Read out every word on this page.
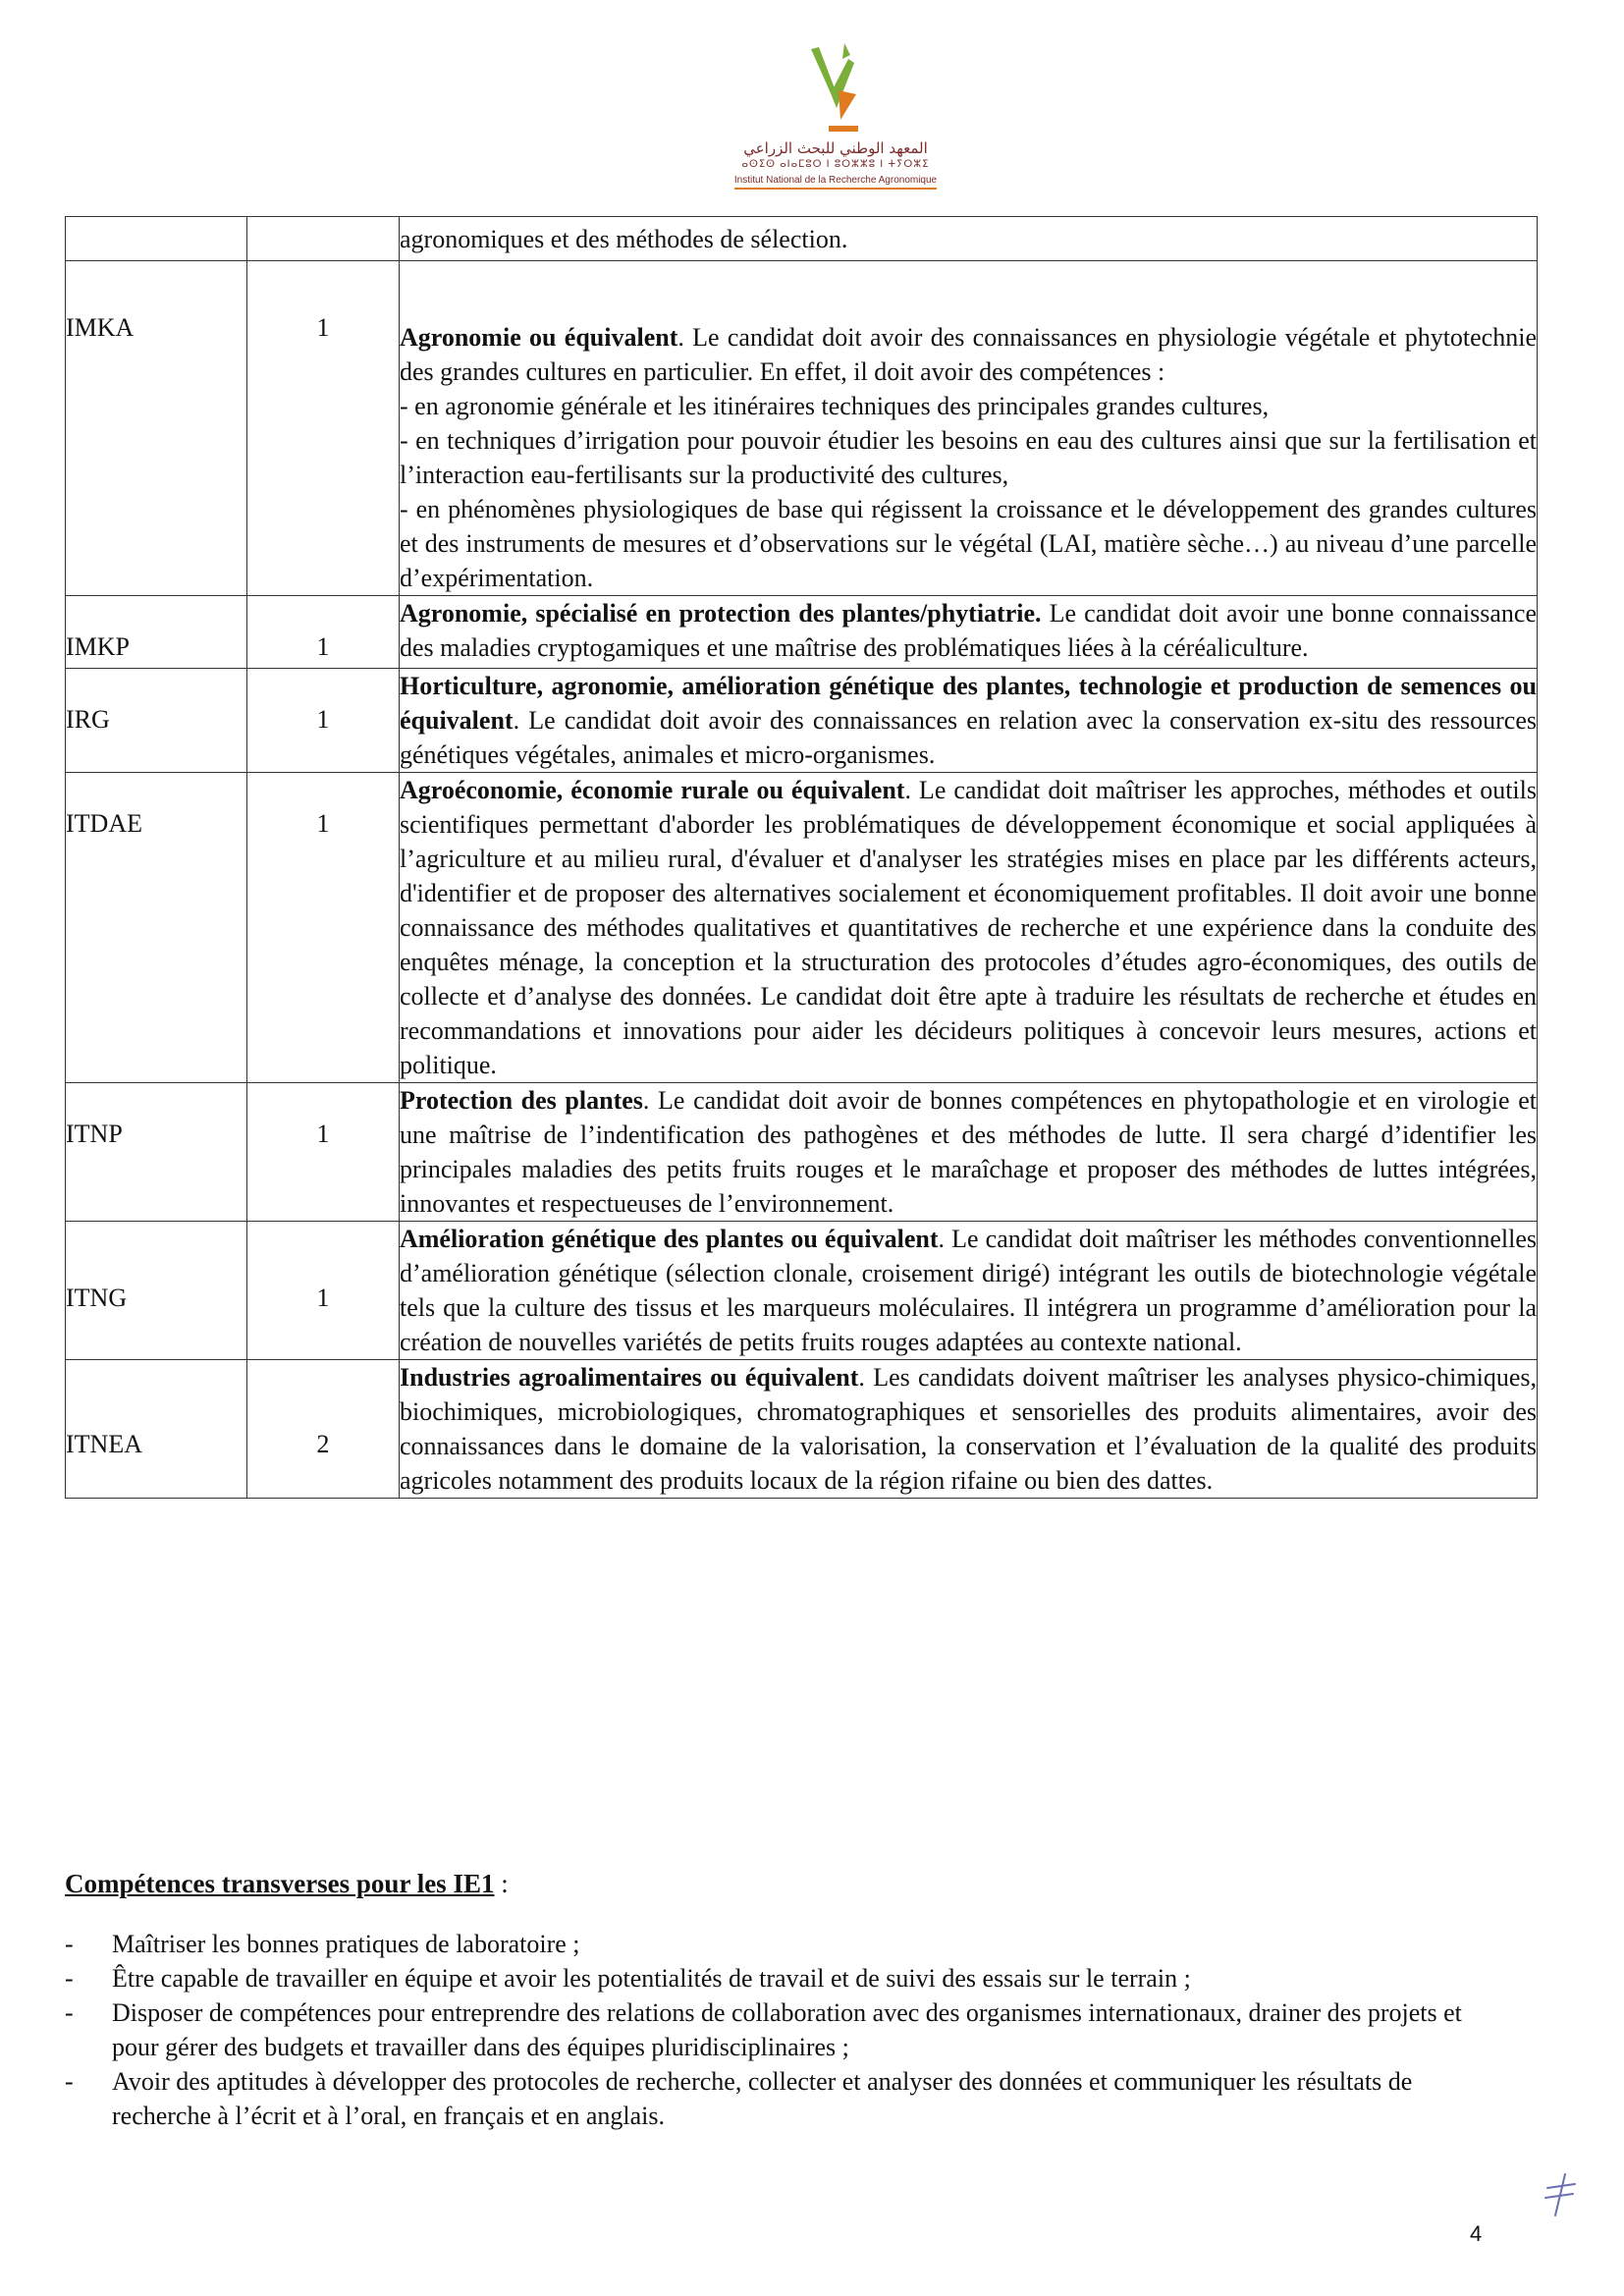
المعهد الوطني للبحث الزراعي
ⴰⵙⵉⵙ ⴰⵏⴰⵎⵓⵔ ⵏ ⵓⵔⵣⵣⵓ ⵏ ⵜⵢⵔⵣⵉ
Institut National de la Recherche Agronomique

		agronomiques et des méthodes de sélection.

IMKA	1	Agronomie ou équivalent. Le candidat doit avoir des connaissances en physiologie végétale et phytotechnie des grandes cultures en particulier. En effet, il doit avoir des compétences :

- en agronomie générale et les itinéraires techniques des principales grandes cultures,

- en techniques d’irrigation pour pouvoir étudier les besoins en eau des cultures ainsi que sur la fertilisation et l’interaction eau-fertilisants sur la productivité des cultures,

- en phénomènes physiologiques de base qui régissent la croissance et le développement des grandes cultures et des instruments de mesures et d’observations sur le végétal (LAI, matière sèche…) au niveau d’une parcelle d’expérimentation.

IMKP	1	Agronomie, spécialisé en protection des plantes/phytiatrie. Le candidat doit avoir une bonne connaissance des maladies cryptogamiques et une maîtrise des problématiques liées à la céréaliculture.

IRG	1	Horticulture, agronomie, amélioration génétique des plantes, technologie et production de semences ou équivalent. Le candidat doit avoir des connaissances en relation avec la conservation ex-situ des ressources génétiques végétales, animales et micro-organismes.

ITDAE	1	Agroéconomie, économie rurale ou équivalent. Le candidat doit maîtriser les approches, méthodes et outils scientifiques permettant d'aborder les problématiques de développement économique et social appliquées à l’agriculture et au milieu rural, d'évaluer et d'analyser les stratégies mises en place par les différents acteurs, d'identifier et de proposer des alternatives socialement et économiquement profitables. Il doit avoir une bonne connaissance des méthodes qualitatives et quantitatives de recherche et une expérience dans la conduite des enquêtes ménage, la conception et la structuration des protocoles d’études agro-économiques, des outils de collecte et d’analyse des données. Le candidat doit être apte à traduire les résultats de recherche et études en recommandations et innovations pour aider les décideurs politiques à concevoir leurs mesures, actions et politique.

ITNP	1	Protection des plantes. Le candidat doit avoir de bonnes compétences en phytopathologie et en virologie et une maîtrise de l’indentification des pathogènes et des méthodes de lutte. Il sera chargé d’identifier les principales maladies des petits fruits rouges et le maraîchage et proposer des méthodes de luttes intégrées, innovantes et respectueuses de l’environnement.

ITNG	1	Amélioration génétique des plantes ou équivalent. Le candidat doit maîtriser les méthodes conventionnelles d’amélioration génétique (sélection clonale, croisement dirigé) intégrant les outils de biotechnologie végétale tels que la culture des tissus et les marqueurs moléculaires. Il intégrera un programme d’amélioration pour la création de nouvelles variétés de petits fruits rouges adaptées au contexte national.

ITNEA	2	Industries agroalimentaires ou équivalent. Les candidats doivent maîtriser les analyses physico-chimiques, biochimiques, microbiologiques, chromatographiques et sensorielles des produits alimentaires, avoir des connaissances dans le domaine de la valorisation, la conservation et l’évaluation de la qualité des produits agricoles notamment des produits locaux de la région rifaine ou bien des dattes.

Compétences transverses pour les IE1 :
- Maîtriser les bonnes pratiques de laboratoire ;
- Être capable de travailler en équipe et avoir les potentialités de travail et de suivi des essais sur le terrain ;
- Disposer de compétences pour entreprendre des relations de collaboration avec des organismes internationaux, drainer des projets et pour gérer des budgets et travailler dans des équipes pluridisciplinaires ;
- Avoir des aptitudes à développer des protocoles de recherche, collecter et analyser des données et communiquer les résultats de recherche à l’écrit et à l’oral, en français et en anglais.
4
